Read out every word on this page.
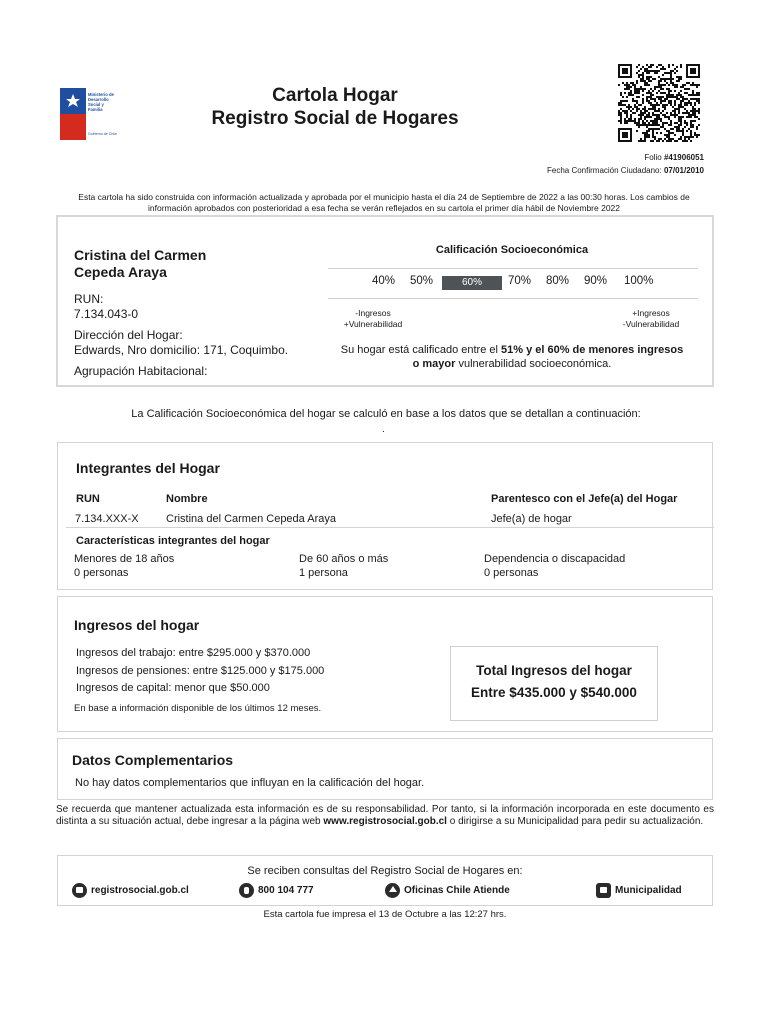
Ministerio de
Desarrollo
Social y
Familia
Gobierno de Chile
Cartola Hogar
Registro Social de Hogares
Folio #41906051
Fecha Confirmación Ciudadano: 07/01/2010
Esta cartola ha sido construida con información actualizada y aprobada por el municipio hasta el día 24 de Septiembre de 2022 a las 00:30 horas. Los cambios de información aprobados con posterioridad a esa fecha se verán reflejados en su cartola el primer día hábil de Noviembre 2022
Cristina del Carmen
Cepeda Araya
RUN:
7.134.043-0
Dirección del Hogar:
Edwards, Nro domicilio: 171, Coquimbo.
Agrupación Habitacional:
Calificación Socioeconómica
40% 50%	60%	70% 80% 90% 100%
-Ingresos
+Vulnerabilidad
+Ingresos
-Vulnerabilidad
Su hogar está calificado entre el 51% y el 60% de menores ingresos o mayor vulnerabilidad socioeconómica.
La Calificación Socioeconómica del hogar se calculó en base a los datos que se detallan a continuación:
.
Integrantes del Hogar
RUN	Nombre	Parentesco con el Jefe(a) del Hogar
7.134.XXX-X Cristina del Carmen Cepeda Araya	Jefe(a) de hogar
Características integrantes del hogar
Menores de 18 años
0 personas
De 60 años o más
1 persona
Dependencia o discapacidad
0 personas
Ingresos del hogar
Ingresos del trabajo: entre $295.000 y $370.000
Ingresos de pensiones: entre $125.000 y $175.000
Ingresos de capital: menor que $50.000
En base a información disponible de los últimos 12 meses.
Total Ingresos del hogar
Entre $435.000 y $540.000
Datos Complementarios
No hay datos complementarios que influyan en la calificación del hogar.
Se recuerda que mantener actualizada esta información es de su responsabilidad. Por tanto, si la información incorporada en este documento es distinta a su situación actual, debe ingresar a la página web www.registrosocial.gob.cl o dirigirse a su Municipalidad para pedir su actualización.
Se reciben consultas del Registro Social de Hogares en:
registrosocial.gob.cl	800 104 777	Oficinas Chile Atiende	Municipalidad
Esta cartola fue impresa el 13 de Octubre a las 12:27 hrs.
